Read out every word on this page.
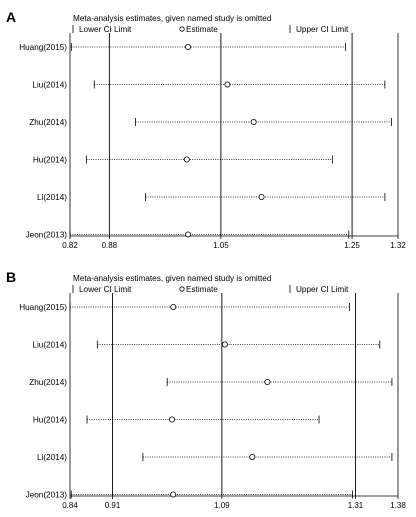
A	Meta-analysis estimates, given named study is omitted
Lower CI Limit	Estimate	Upper CI Limit
0.82	0.88	1.05	1.25	1.32
Huang(2015)
Liu(2014)
Zhu(2014)
Hu(2014)
Li(2014)
Jeon(2013)
B	Meta-analysis estimates, given named study is omitted
Lower CI Limit	Estimate	Upper CI Limit
0.84	0.91	1.09	1.31	1.38
Huang(2015)
Liu(2014)
Zhu(2014)
Hu(2014)
Li(2014)
Jeon(2013)
